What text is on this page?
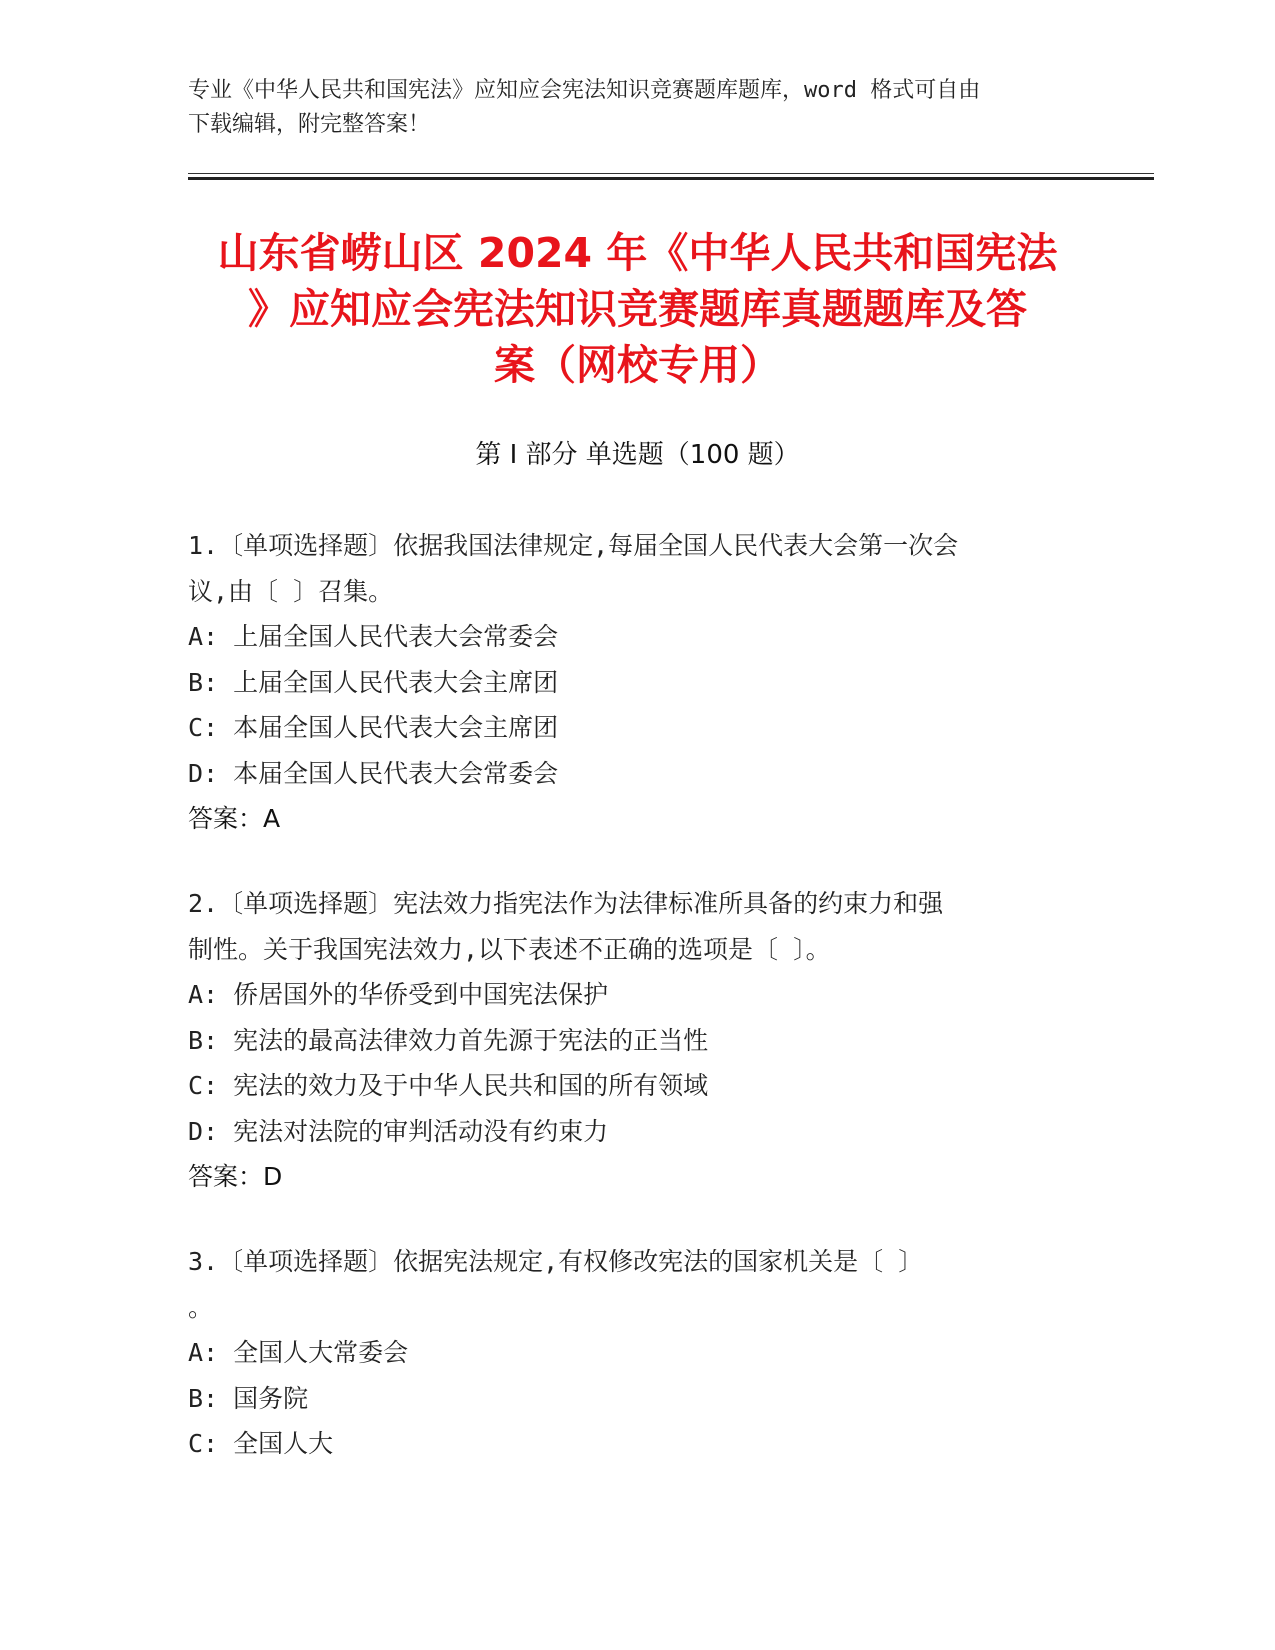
专业《中华人民共和国宪法》应知应会宪法知识竞赛题库题库，word 格式可自由
下载编辑，附完整答案！
山东省崂山区 2024 年《中华人民共和国宪法
》应知应会宪法知识竞赛题库真题题库及答
案（网校专用）
第 I 部分 单选题（100 题）
1.〔单项选择题〕依据我国法律规定,每届全国人民代表大会第一次会
议,由〔 〕召集。
A: 上届全国人民代表大会常委会
B: 上届全国人民代表大会主席团
C: 本届全国人民代表大会主席团
D: 本届全国人民代表大会常委会
答案：A
2.〔单项选择题〕宪法效力指宪法作为法律标准所具备的约束力和强
制性。关于我国宪法效力,以下表述不正确的选项是〔 〕。
A: 侨居国外的华侨受到中国宪法保护
B: 宪法的最高法律效力首先源于宪法的正当性
C: 宪法的效力及于中华人民共和国的所有领域
D: 宪法对法院的审判活动没有约束力
答案：D
3.〔单项选择题〕依据宪法规定,有权修改宪法的国家机关是〔 〕
。
A: 全国人大常委会
B: 国务院
C: 全国人大
